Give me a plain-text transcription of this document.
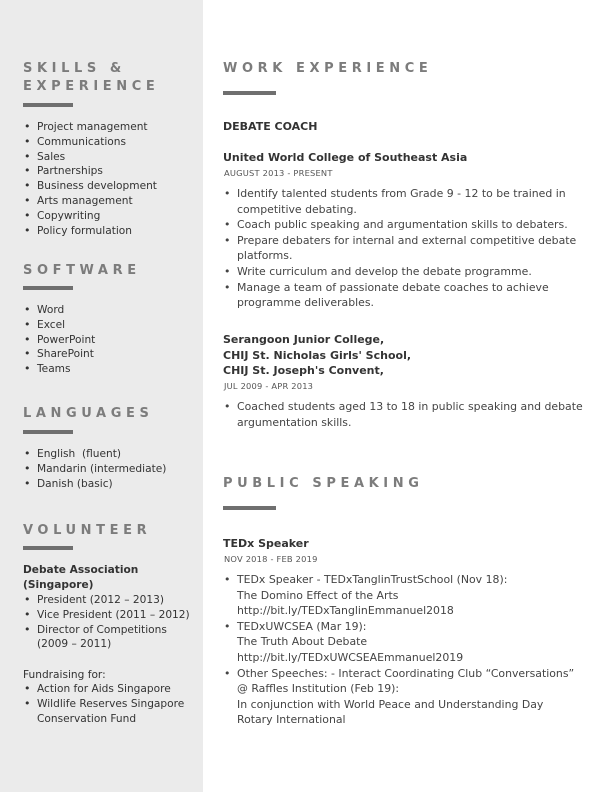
SKILLS &
EXPERIENCE
• Project management
• Communications
• Sales
• Partnerships
• Business development
• Arts management
• Copywriting
• Policy formulation
SOFTWARE
• Word
• Excel
• PowerPoint
• SharePoint
• Teams
LANGUAGES
• English  (fluent)
• Mandarin (intermediate)
• Danish (basic)
VOLUNTEER
Debate Association
(Singapore)
• President (2012 – 2013)
• Vice President (2011 – 2012)
• Director of Competitions
(2009 – 2011)
Fundraising for:
• Action for Aids Singapore
• Wildlife Reserves Singapore
Conservation Fund
WORK EXPERIENCE
DEBATE COACH
United World College of Southeast Asia
AUGUST 2013 - PRESENT
• Identify talented students from Grade 9 - 12 to be trained in
competitive debating.
• Coach public speaking and argumentation skills to debaters.
• Prepare debaters for internal and external competitive debate
platforms.
• Write curriculum and develop the debate programme.
• Manage a team of passionate debate coaches to achieve
programme deliverables.
Serangoon Junior College,
CHIJ St. Nicholas Girls' School,
CHIJ St. Joseph's Convent,
JUL 2009 - APR 2013
• Coached students aged 13 to 18 in public speaking and debate
argumentation skills.
PUBLIC SPEAKING
TEDx Speaker
NOV 2018 - FEB 2019
• TEDx Speaker - TEDxTanglinTrustSchool (Nov 18):
The Domino Effect of the Arts
http://bit.ly/TEDxTanglinEmmanuel2018
• TEDxUWCSEA (Mar 19):
The Truth About Debate
http://bit.ly/TEDxUWCSEAEmmanuel2019
• Other Speeches: - Interact Coordinating Club “Conversations”
@ Raffles Institution (Feb 19):
In conjunction with World Peace and Understanding Day
Rotary International
